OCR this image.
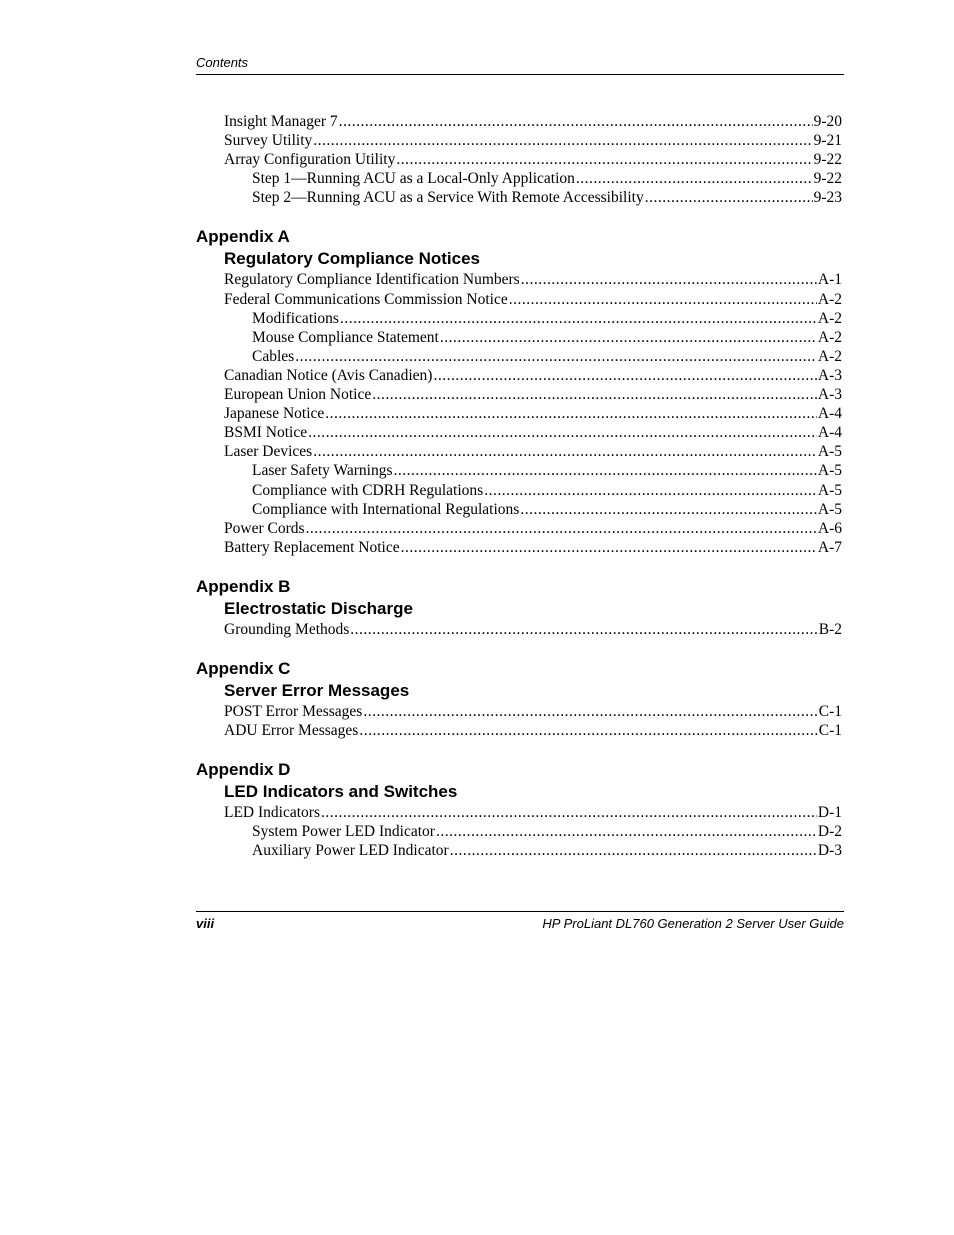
Contents
Insight Manager 7 .....	9-20
Survey Utility .....	9-21
Array Configuration Utility .....	9-22
Step 1—Running ACU as a Local-Only Application .....	9-22
Step 2—Running ACU as a Service With Remote Accessibility .....	9-23
Appendix A
Regulatory Compliance Notices
Regulatory Compliance Identification Numbers .....	A-1
Federal Communications Commission Notice .....	A-2
Modifications .....	A-2
Mouse Compliance Statement .....	A-2
Cables .....	A-2
Canadian Notice (Avis Canadien) .....	A-3
European Union Notice .....	A-3
Japanese Notice .....	A-4
BSMI Notice .....	A-4
Laser Devices .....	A-5
Laser Safety Warnings .....	A-5
Compliance with CDRH Regulations .....	A-5
Compliance with International Regulations .....	A-5
Power Cords .....	A-6
Battery Replacement Notice .....	A-7
Appendix B
Electrostatic Discharge
Grounding Methods .....	B-2
Appendix C
Server Error Messages
POST Error Messages .....	C-1
ADU Error Messages .....	C-1
Appendix D
LED Indicators and Switches
LED Indicators .....	D-1
System Power LED Indicator .....	D-2
Auxiliary Power LED Indicator .....	D-3
viii	HP ProLiant DL760 Generation 2 Server User Guide
